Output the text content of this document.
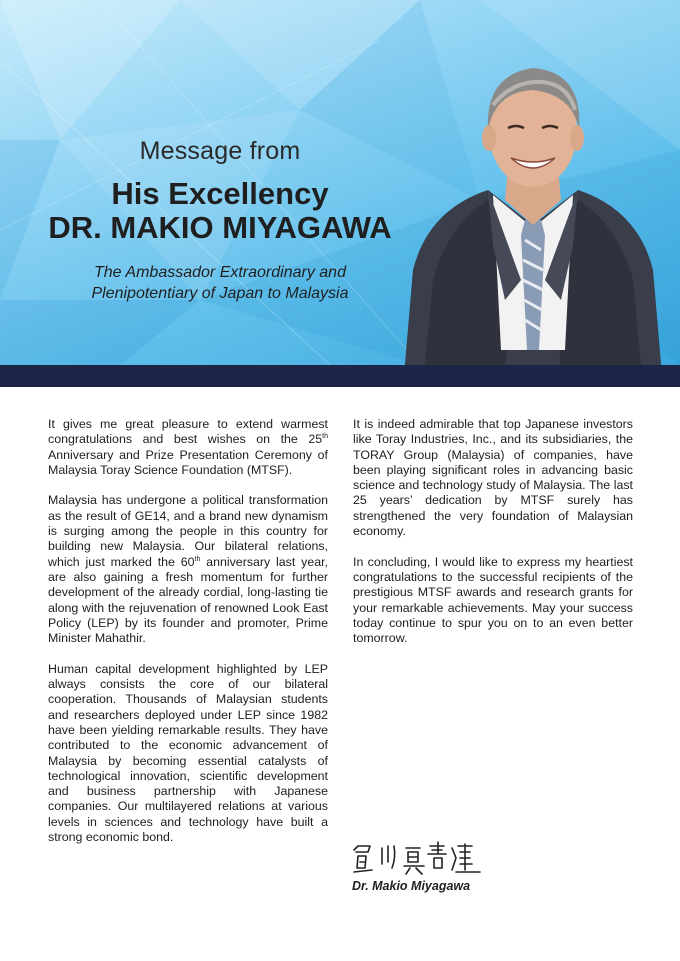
Message from
His Excellency
DR. MAKIO MIYAGAWA
The Ambassador Extraordinary and
Plenipotentiary of Japan to Malaysia

It gives me great pleasure to extend warmest congratulations and best wishes on the 25th Anniversary and Prize Presentation Ceremony of Malaysia Toray Science Foundation (MTSF).

Malaysia has undergone a political transformation as the result of GE14, and a brand new dynamism is surging among the people in this country for building new Malaysia. Our bilateral relations, which just marked the 60th anniversary last year, are also gaining a fresh momentum for further development of the already cordial, long-lasting tie along with the rejuvenation of renowned Look East Policy (LEP) by its founder and promoter, Prime Minister Mahathir.

Human capital development highlighted by LEP always consists the core of our bilateral cooperation. Thousands of Malaysian students and researchers deployed under LEP since 1982 have been yielding remarkable results. They have contributed to the economic advancement of Malaysia by becoming essential catalysts of technological innovation, scientific development and business partnership with Japanese companies. Our multilayered relations at various levels in sciences and technology have built a strong economic bond.

It is indeed admirable that top Japanese investors like Toray Industries, Inc., and its subsidiaries, the TORAY Group (Malaysia) of companies, have been playing significant roles in advancing basic science and technology study of Malaysia. The last 25 years’ dedication by MTSF surely has strengthened the very foundation of Malaysian economy.

In concluding, I would like to express my heartiest congratulations to the successful recipients of the prestigious MTSF awards and research grants for your remarkable achievements. May your success today continue to spur you on to an even better tomorrow.

Dr. Makio Miyagawa
